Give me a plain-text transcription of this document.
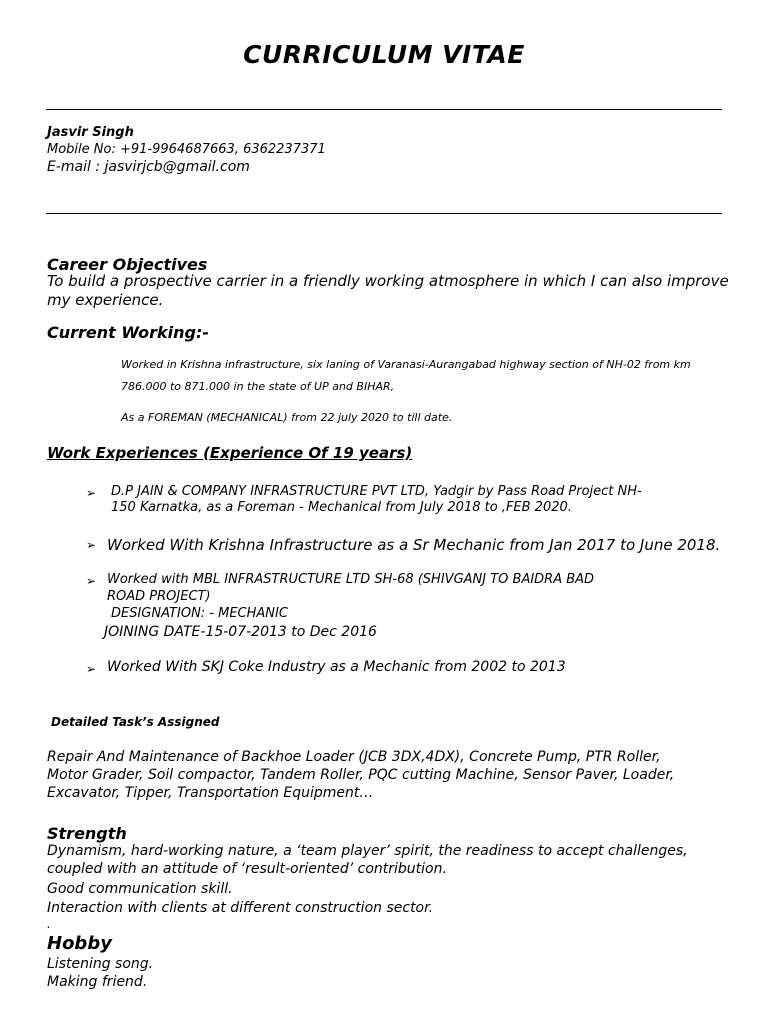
CURRICULUM VITAE
Jasvir Singh
Mobile No: +91-9964687663, 6362237371
E-mail : jasvirjcb@gmail.com
Career Objectives
To build a prospective carrier in a friendly working atmosphere in which I can also improve
my experience.
Current Working:-
Worked in Krishna infrastructure, six laning of Varanasi-Aurangabad highway section of NH-02 from km
786.000 to 871.000 in the state of UP and BIHAR,
As a FOREMAN (MECHANICAL) from 22 july 2020 to till date.
Work Experiences (Experience Of 19 years)
➢ D.P JAIN & COMPANY INFRASTRUCTURE PVT LTD, Yadgir by Pass Road Project NH-
150 Karnatka, as a Foreman - Mechanical from July 2018 to ,FEB 2020.
➢ Worked With Krishna Infrastructure as a Sr Mechanic from Jan 2017 to June 2018.
➢ Worked with MBL INFRASTRUCTURE LTD SH-68 (SHIVGANJ TO BAIDRA BAD
ROAD PROJECT)
DESIGNATION: - MECHANIC
JOINING DATE-15-07-2013 to Dec 2016
➢ Worked With SKJ Coke Industry as a Mechanic from 2002 to 2013
Detailed Task’s Assigned
Repair And Maintenance of Backhoe Loader (JCB 3DX,4DX), Concrete Pump, PTR Roller,
Motor Grader, Soil compactor, Tandem Roller, PQC cutting Machine, Sensor Paver, Loader,
Excavator, Tipper, Transportation Equipment…
Strength
Dynamism, hard-working nature, a ‘team player’ spirit, the readiness to accept challenges,
coupled with an attitude of ‘result-oriented’ contribution.
Good communication skill.
Interaction with clients at different construction sector.
.
Hobby
Listening song.
Making friend.
